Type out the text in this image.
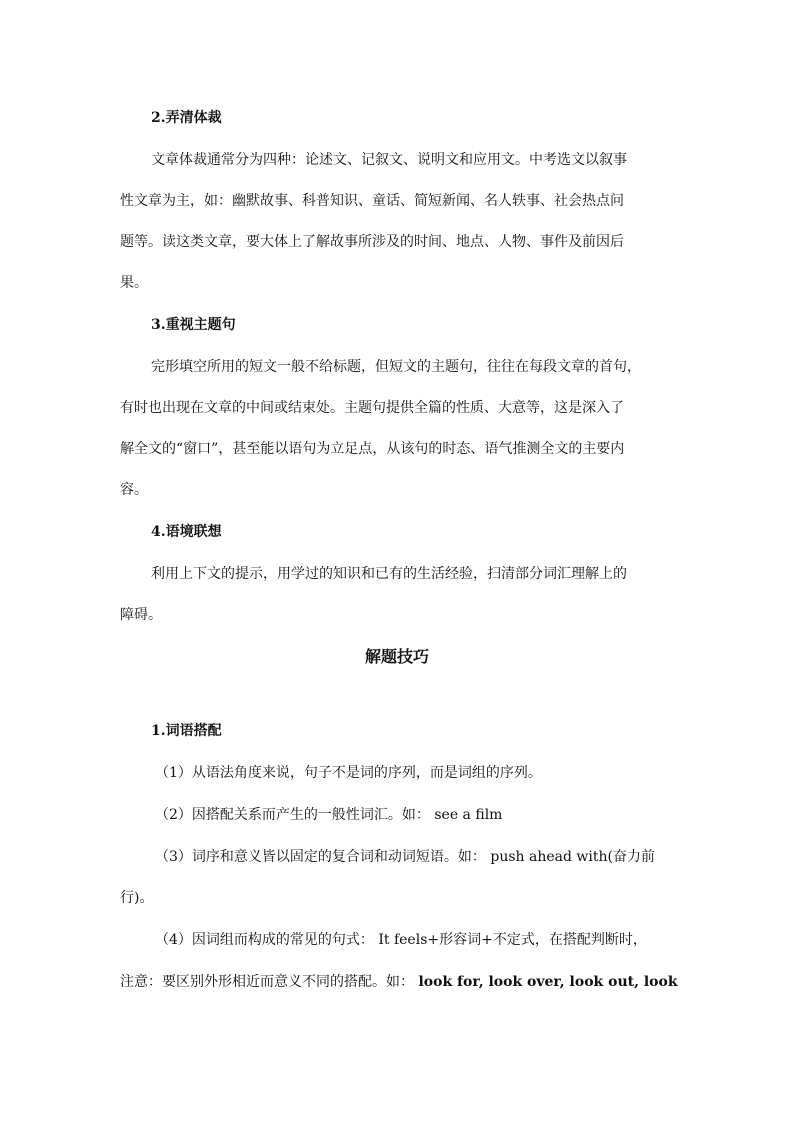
2.弄清体裁
文章体裁通常分为四种：论述文、记叙文、说明文和应用文。中考选文以叙事
性文章为主，如：幽默故事、科普知识、童话、简短新闻、名人轶事、社会热点问
题等。读这类文章，要大体上了解故事所涉及的时间、地点、人物、事件及前因后
果。
3.重视主题句
完形填空所用的短文一般不给标题，但短文的主题句，往往在每段文章的首句，
有时也出现在文章的中间或结束处。主题句提供全篇的性质、大意等，这是深入了
解全文的“窗口”，甚至能以语句为立足点，从该句的时态、语气推测全文的主要内
容。
4.语境联想
利用上下文的提示，用学过的知识和已有的生活经验，扫清部分词汇理解上的
障碍。
解题技巧
1.词语搭配
（1）从语法角度来说，句子不是词的序列，而是词组的序列。
（2）因搭配关系而产生的一般性词汇。如： see a film
（3）词序和意义皆以固定的复合词和动词短语。如： push ahead with(奋力前
行)。
（4）因词组而构成的常见的句式： It feels+形容词+不定式，在搭配判断时，
注意：要区别外形相近而意义不同的搭配。如： look for, look over, look out, look
